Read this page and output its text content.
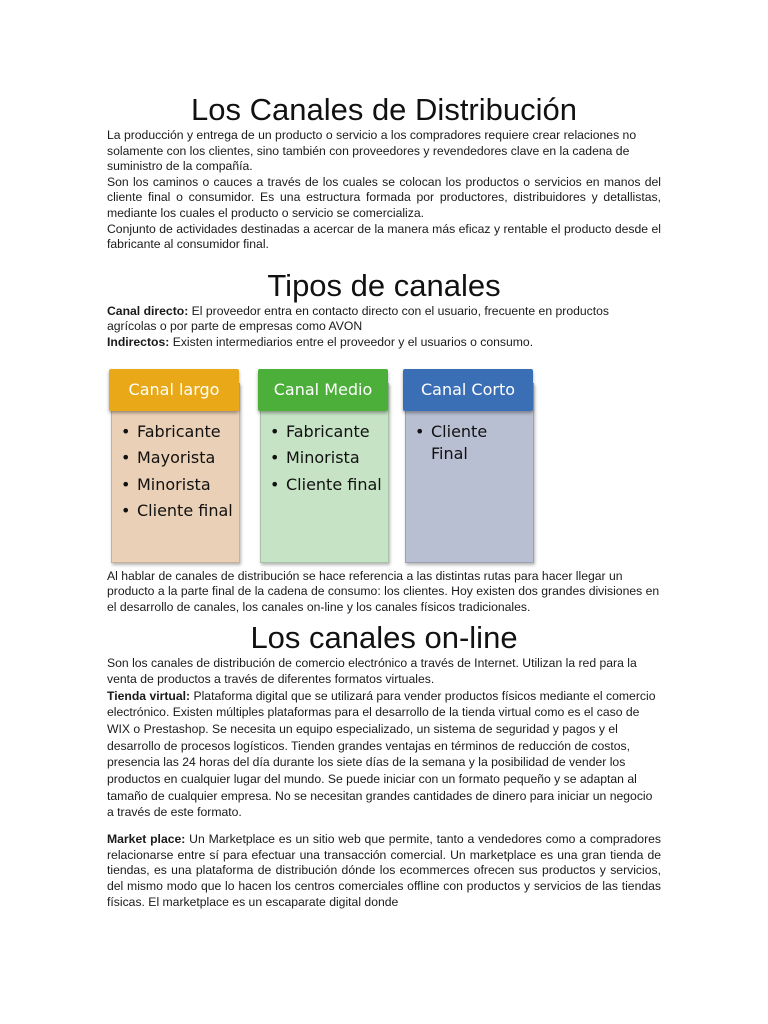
Los Canales de Distribución

La producción y entrega de un producto o servicio a los compradores requiere crear relaciones no solamente con los clientes, sino también con proveedores y revendedores clave en la cadena de suministro de la compañía.

Son los caminos o cauces a través de los cuales se colocan los productos o servicios en manos del cliente final o consumidor. Es una estructura formada por productores, distribuidores y detallistas, mediante los cuales el producto o servicio se comercializa.

Conjunto de actividades destinadas a acercar de la manera más eficaz y rentable el producto desde el fabricante al consumidor final.

Tipos de canales

Canal directo: El proveedor entra en contacto directo con el usuario, frecuente en productos agrícolas o por parte de empresas como AVON

Indirectos: Existen intermediarios entre el proveedor y el usuarios o consumo.

Canal largo
• Fabricante
• Mayorista
• Minorista
• Cliente final
Canal Medio
• Fabricante
• Minorista
• Cliente final
Canal Corto
• Cliente Final

Al hablar de canales de distribución se hace referencia a las distintas rutas para hacer llegar un producto a la parte final de la cadena de consumo: los clientes. Hoy existen dos grandes divisiones en el desarrollo de canales, los canales on-line y los canales físicos tradicionales.

Los canales on-line

Son los canales de distribución de comercio electrónico a través de Internet. Utilizan la red para la venta de productos a través de diferentes formatos virtuales.

Tienda virtual: Plataforma digital que se utilizará para vender productos físicos mediante el comercio electrónico. Existen múltiples plataformas para el desarrollo de la tienda virtual como es el caso de WIX o Prestashop. Se necesita un equipo especializado, un sistema de seguridad y pagos y el desarrollo de procesos logísticos. Tienden grandes ventajas en términos de reducción de costos, presencia las 24 horas del día durante los siete días de la semana y la posibilidad de vender los productos en cualquier lugar del mundo. Se puede iniciar con un formato pequeño y se adaptan al tamaño de cualquier empresa. No se necesitan grandes cantidades de dinero para iniciar un negocio a través de este formato.

Market place: Un Marketplace es un sitio web que permite, tanto a vendedores como a compradores relacionarse entre sí para efectuar una transacción comercial. Un marketplace es una gran tienda de tiendas, es una plataforma de distribución dónde los ecommerces ofrecen sus productos y servicios, del mismo modo que lo hacen los centros comerciales offline con productos y servicios de las tiendas físicas. El marketplace es un escaparate digital donde
